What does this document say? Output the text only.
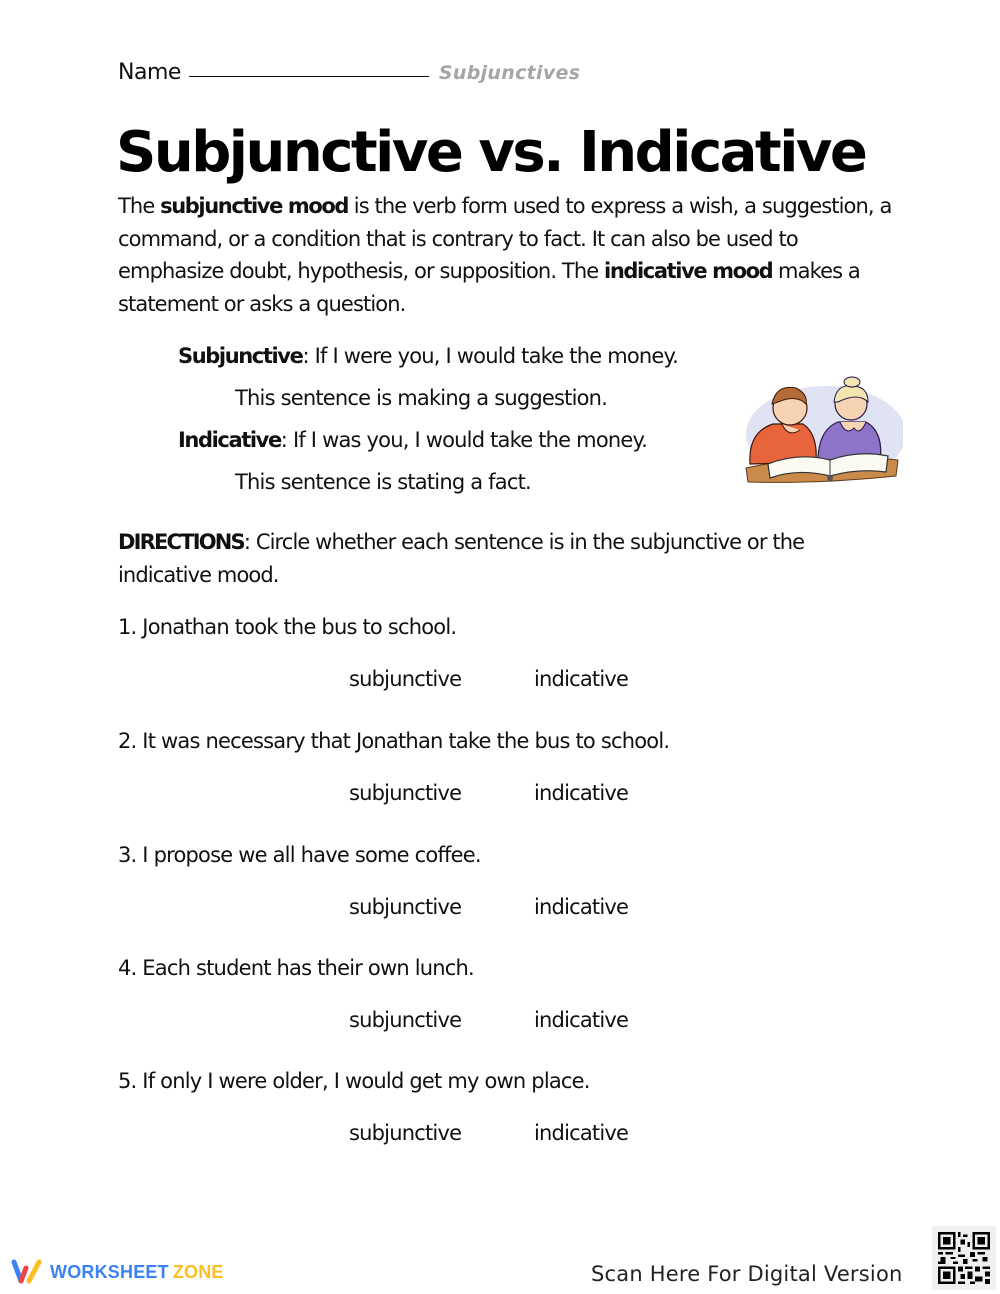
Name	Subjunctives
Subjunctive vs. Indicative

The subjunctive mood is the verb form used to express a wish, a suggestion, a command, or a condition that is contrary to fact. It can also be used to emphasize doubt, hypothesis, or supposition. The indicative mood makes a statement or asks a question.

Subjunctive: If I were you, I would take the money.
This sentence is making a suggestion.
Indicative: If I was you, I would take the money.
This sentence is stating a fact.

DIRECTIONS: Circle whether each sentence is in the subjunctive or the indicative mood.

1. Jonathan took the bus to school.
subjunctive	indicative
2. It was necessary that Jonathan take the bus to school.
subjunctive	indicative
3. I propose we all have some coffee.
subjunctive	indicative
4. Each student has their own lunch.
subjunctive	indicative
5. If only I were older, I would get my own place.
subjunctive	indicative
WORKSHEET ZONE	Scan Here For Digital Version
